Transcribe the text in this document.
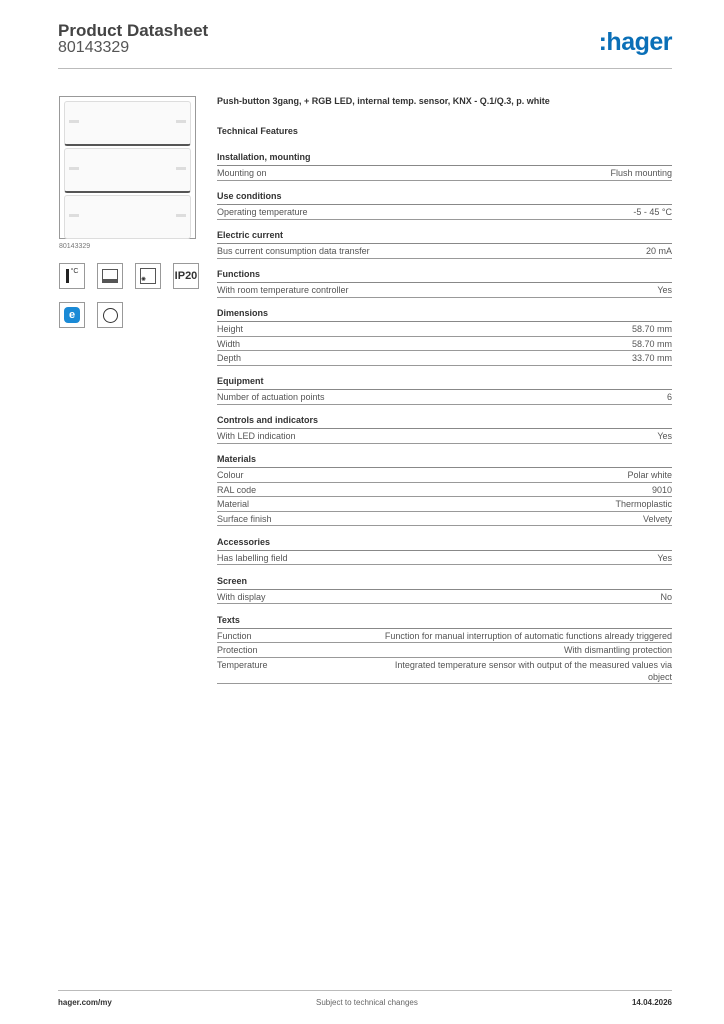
Product Datasheet
80143329	:hager
80143329
°C
✺	IP20
e
Push-button 3gang, + RGB LED, internal temp. sensor, KNX - Q.1/Q.3, p. white
Technical Features
Installation, mounting
Mounting on	Flush mounting
Use conditions
Operating temperature	-5 - 45 °C
Electric current
Bus current consumption data transfer	20 mA
Functions
With room temperature controller	Yes
Dimensions
Height	58.70 mm
Width	58.70 mm
Depth	33.70 mm
Equipment
Number of actuation points	6
Controls and indicators
With LED indication	Yes
Materials
Colour	Polar white
RAL code	9010
Material	Thermoplastic
Surface finish	Velvety
Accessories
Has labelling field	Yes
Screen
With display	No
Texts
Function	Function for manual interruption of automatic functions already triggered
Protection	With dismantling protection
Temperature	Integrated temperature sensor with output of the measured values via object
hager.com/my	Subject to technical changes	14.04.2026
